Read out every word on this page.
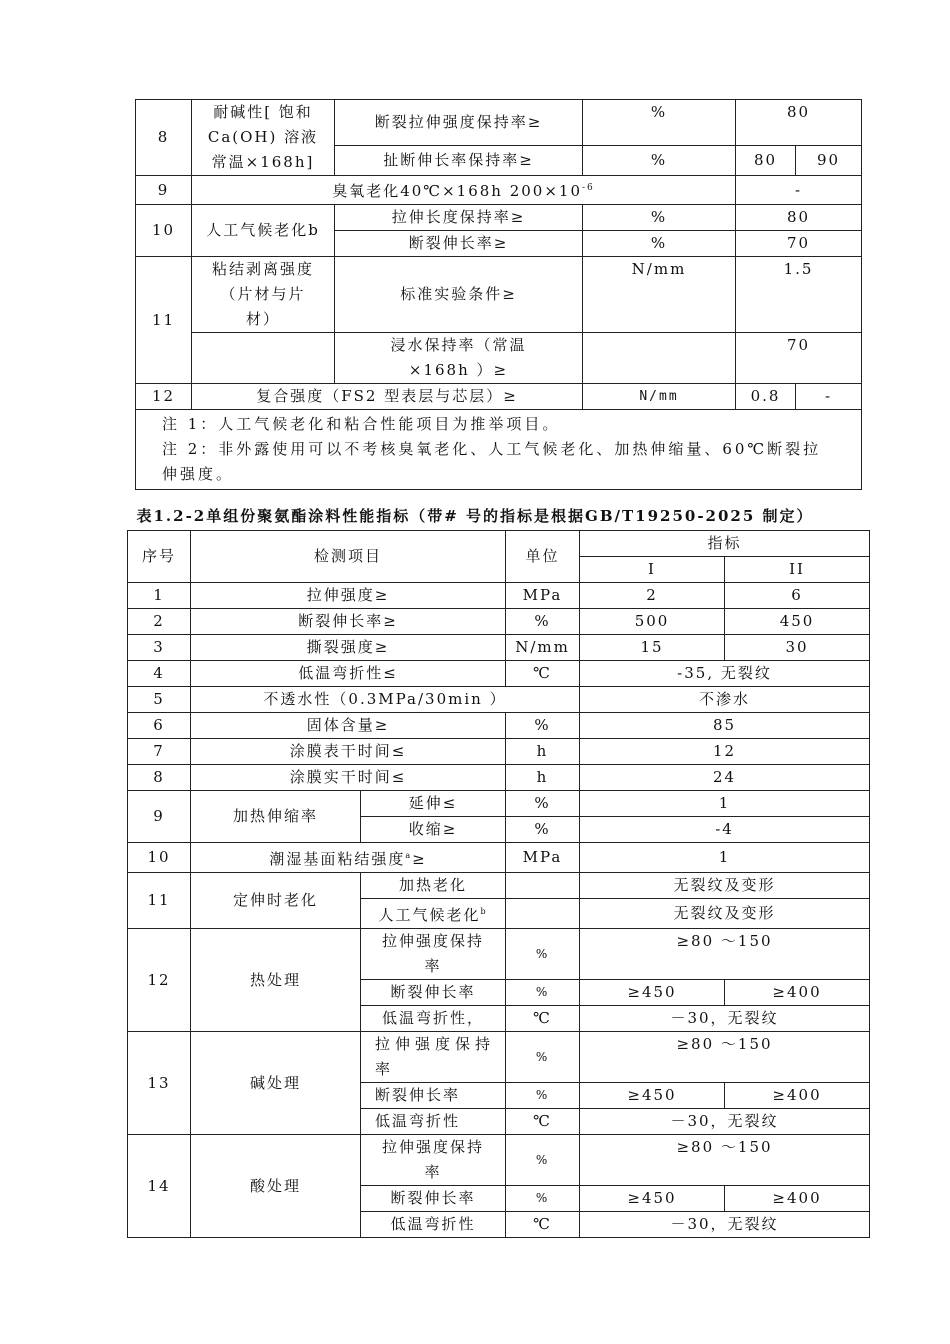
8	耐碱性[ 饱和
Ca(OH) 溶液
常温×168h]	断裂拉伸强度保持率≥	%	80	
		扯断伸长率保持率≥	%	80	90
9	臭氧老化40℃×168h $200\times 10^{-6}$			-	
10	人工气候老化b	拉伸长度保持率≥	%	80	
		断裂伸长率≥	%	70	
11	粘结剥离强度
（片材与片
材）	标准实验条件≥	N/mm	1.5	

		浸水保持率（常温
×168h ）≥		70	
12	复合强度（FS2 型表层与芯层）≥		N/mm	0.8	-

注 1：人工气候老化和粘合性能项目为推举项目。
注 2：非外露使用可以不考核臭氧老化、人工气候老化、加热伸缩量、60℃断裂拉伸强度。					
表1.2-2单组份聚氨酯涂料性能指标（带# 号的指标是根据GB/T19250-2025 制定）
序号	检测项目		单位	指标	
				I	II
1	拉伸强度≥		MPa	2	6
2	断裂伸长率≥		%	500	450
3	撕裂强度≥		N/mm	15	30
4	低温弯折性≤		℃	-35, 无裂纹	
5	不透水性（0.3MPa/30min ）			不渗水	
6	固体含量≥		%	85	
7	涂膜表干时间≤		h	12	
8	涂膜实干时间≤		h	24	
9	加热伸缩率	延伸≤	%	1	
		收缩≥	%	-4	
10	潮湿基面粘结强度$^a$≥		MPa	1	
11	定伸时老化	加热老化		无裂纹及变形	
		人工气候老化$^b$		无裂纹及变形	
12	热处理	拉伸强度保持
率	%	≥80 ～150	
		断裂伸长率	%	≥450	≥400
		低温弯折性，	℃	－30，无裂纹	
13	碱处理	拉伸强度保持
率	%	≥80 ～150	
		断裂伸长率	%	≥450	≥400
		低温弯折性	℃	－30，无裂纹	
14	酸处理	拉伸强度保持
率	%	≥80 ～150	
		断裂伸长率	%	≥450	≥400
		低温弯折性	℃	－30，无裂纹	
